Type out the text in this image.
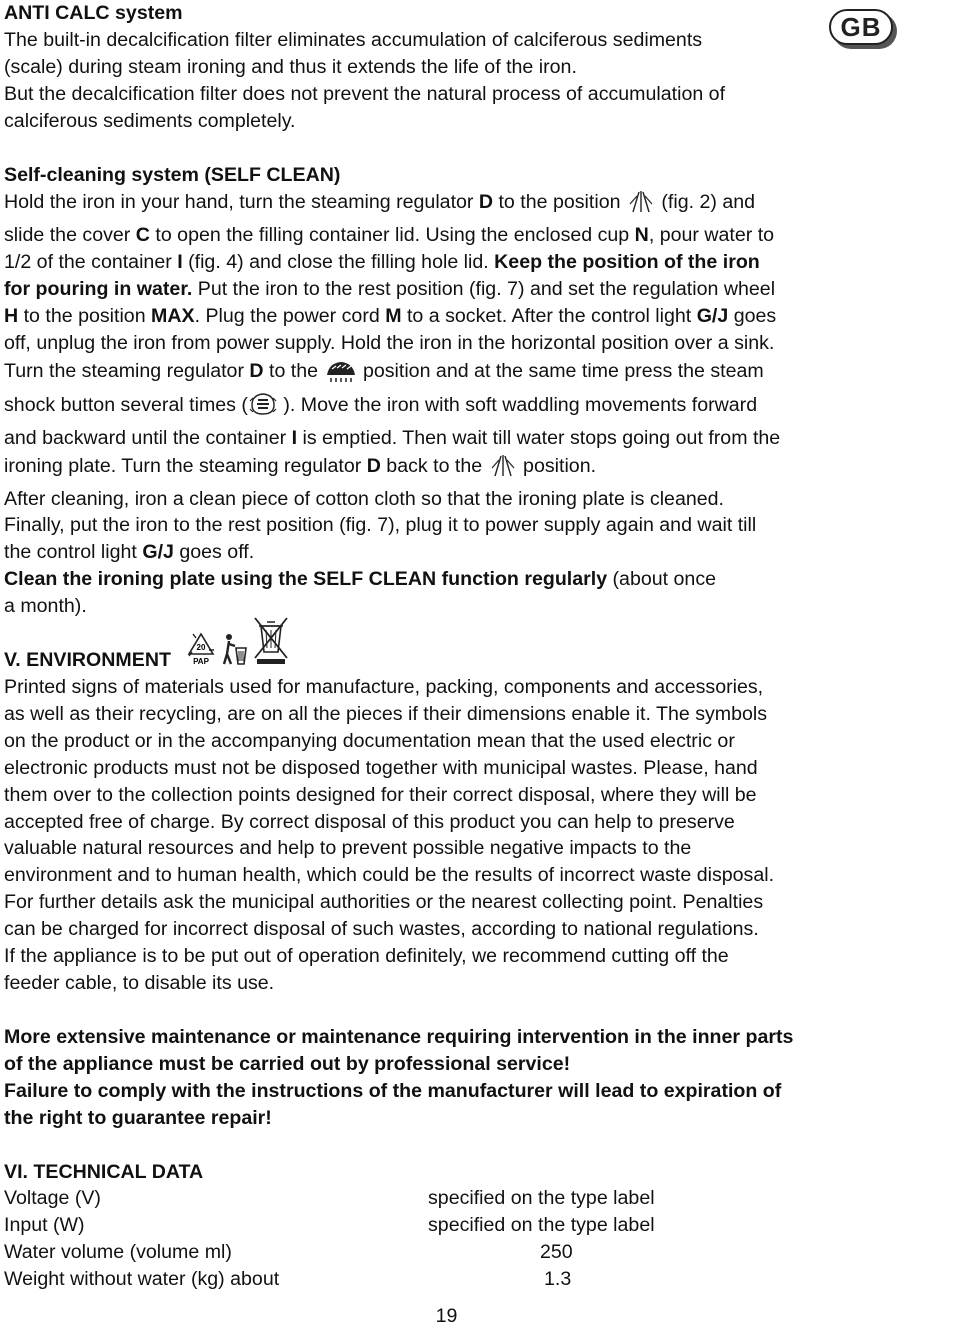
GB
ANTI CALC system
The built-in decalcification filter eliminates accumulation of calciferous sediments
(scale) during steam ironing and thus it extends the life of the iron.
But the decalcification filter does not prevent the natural process of accumulation of
calciferous sediments completely.
Self-cleaning system (SELF CLEAN)
Hold the iron in your hand, turn the steaming regulator D to the position  (fig. 2) and
slide the cover C to open the filling container lid. Using the enclosed cup N, pour water to
1/2 of the container I (fig. 4) and close the filling hole lid. Keep the position of the iron
for pouring in water. Put the iron to the rest position (fig. 7) and set the regulation wheel
H to the position MAX. Plug the power cord M to a socket. After the control light G/J goes
off, unplug the iron from power supply. Hold the iron in the horizontal position over a sink.
Turn the steaming regulator D to the  position and at the same time press the steam
shock button several times ( ). Move the iron with soft waddling movements forward
and backward until the container I is emptied. Then wait till water stops going out from the
ironing plate. Turn the steaming regulator D back to the  position.
After cleaning, iron a clean piece of cotton cloth so that the ironing plate is cleaned.
Finally, put the iron to the rest position (fig. 7), plug it to power supply again and wait till
the control light G/J goes off.
Clean the ironing plate using the SELF CLEAN function regularly (about once
a month).
V. ENVIRONMENT
20
PAP
Printed signs of materials used for manufacture, packing, components and accessories,
as well as their recycling, are on all the pieces if their dimensions enable it. The symbols
on the product or in the accompanying documentation mean that the used electric or
electronic products must not be disposed together with municipal wastes. Please, hand
them over to the collection points designed for their correct disposal, where they will be
accepted free of charge. By correct disposal of this product you can help to preserve
valuable natural resources and help to prevent possible negative impacts to the
environment and to human health, which could be the results of incorrect waste disposal.
For further details ask the municipal authorities or the nearest collecting point. Penalties
can be charged for incorrect disposal of such wastes, according to national regulations.
If the appliance is to be put out of operation definitely, we recommend cutting off the
feeder cable, to disable its use.
More extensive maintenance or maintenance requiring intervention in the inner parts
of the appliance must be carried out by professional service!
Failure to comply with the instructions of the manufacturer will lead to expiration of
the right to guarantee repair!
VI. TECHNICAL DATA
Voltage (V)	specified on the type label
Input (W)	specified on the type label
Water volume (volume ml)	250
Weight without water (kg) about	1.3
19
